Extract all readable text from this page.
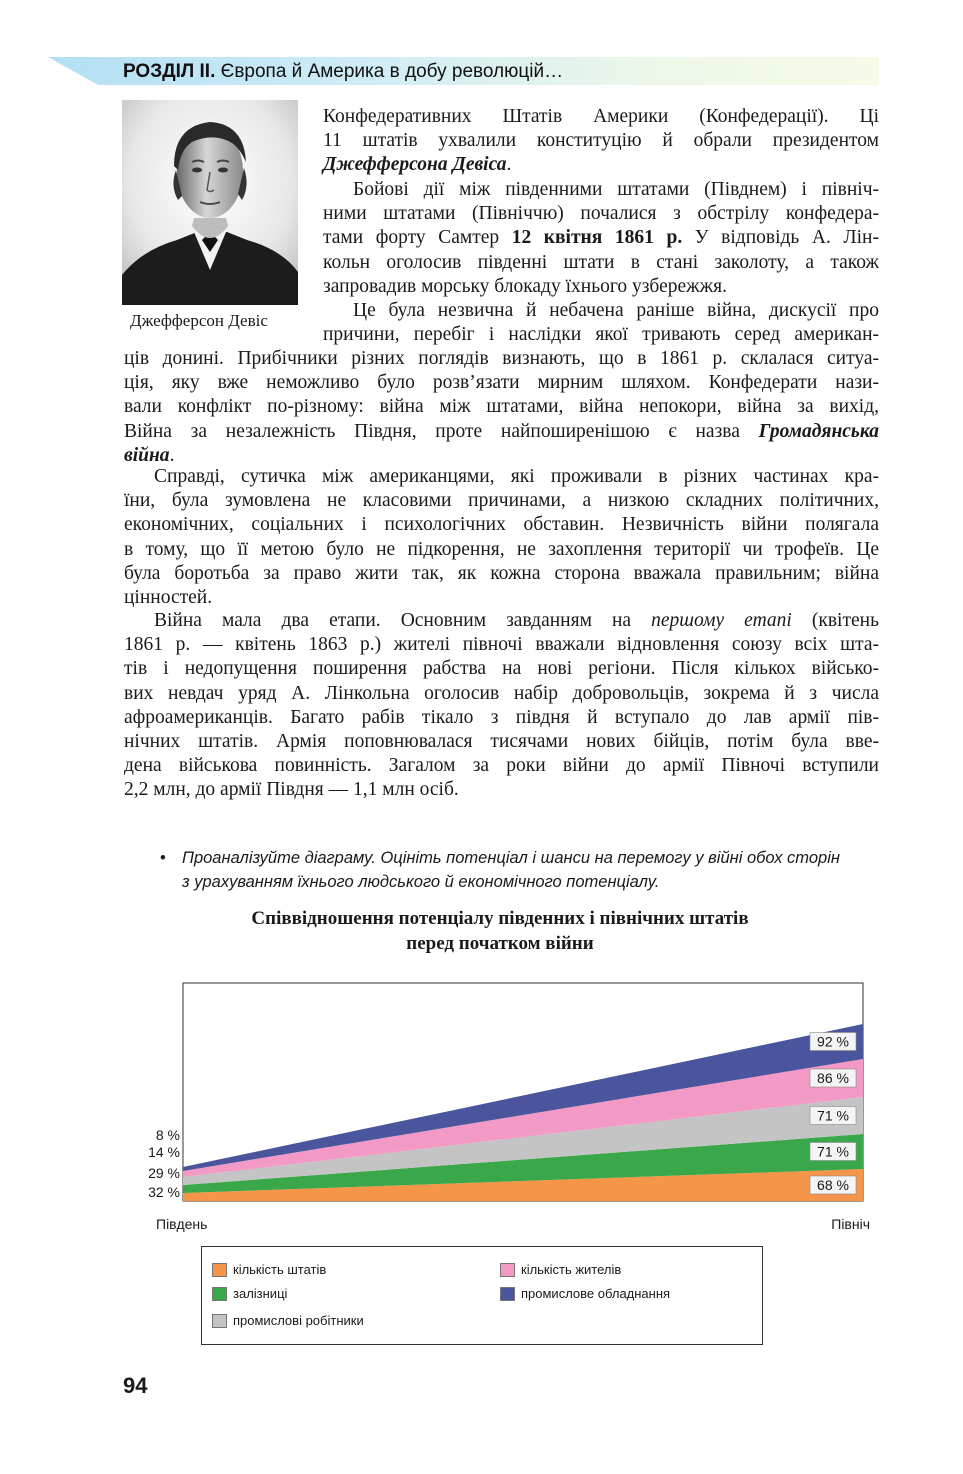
РОЗДІЛ II. Європа й Америка в добу революцій…
Джефферсон Девіс
Конфедеративних Штатів Америки (Конфедерації). Ці
11 штатів ухвалили конституцію й обрали президентом
Джефферсона Девіса.
Бойові дії між південними штатами (Півднем) і північ-
ними штатами (Північчю) почалися з обстрілу конфедера-
тами форту Самтер 12 квітня 1861 р. У відповідь А. Лін-
кольн оголосив південні штати в стані заколоту, а також
запровадив морську блокаду їхнього узбережжя.
Це була незвична й небачена раніше війна, дискусії про
причини, перебіг і наслідки якої тривають серед американ-
ців донині. Прибічники різних поглядів визнають, що в 1861 р. склалася ситуа-
ція, яку вже неможливо було розв’язати мирним шляхом. Конфедерати нази-
вали конфлікт по-різному: війна між штатами, війна непокори, війна за вихід,
Війна за незалежність Півдня, проте найпоширенішою є назва Громадянська
війна.
Справді, сутичка між американцями, які проживали в різних частинах кра-
їни, була зумовлена не класовими причинами, а низкою складних політичних,
економічних, соціальних і психологічних обставин. Незвичність війни полягала
в тому, що її метою було не підкорення, не захоплення території чи трофеїв. Це
була боротьба за право жити так, як кожна сторона вважала правильним; війна
цінностей.
Війна мала два етапи. Основним завданням на першому етапі (квітень
1861 р. — квітень 1863 р.) жителі півночі вважали відновлення союзу всіх шта-
тів і недопущення поширення рабства на нові регіони. Після кількох військо-
вих невдач уряд А. Лінкольна оголосив набір добровольців, зокрема й з числа
афроамериканців. Багато рабів тікало з півдня й вступало до лав армії пів-
нічних штатів. Армія поповнювалася тисячами нових бійців, потім була вве-
дена військова повинність. Загалом за роки війни до армії Півночі вступили
2,2 млн, до армії Півдня — 1,1 млн осіб.
• Проаналізуйте діаграму. Оцініть потенціал і шанси на перемогу у війні обох сторін
з урахуванням їхнього людського й економічного потенціалу.
Співвідношення потенціалу південних і північних штатів
перед початком війни
68 %
71 %
71 %
86 %
92 %
8 %
14 %
29 %
32 %
Південь	Північ
кількість штатів
залізниці
промислові робітники
кількість жителів
промислове обладнання
94
